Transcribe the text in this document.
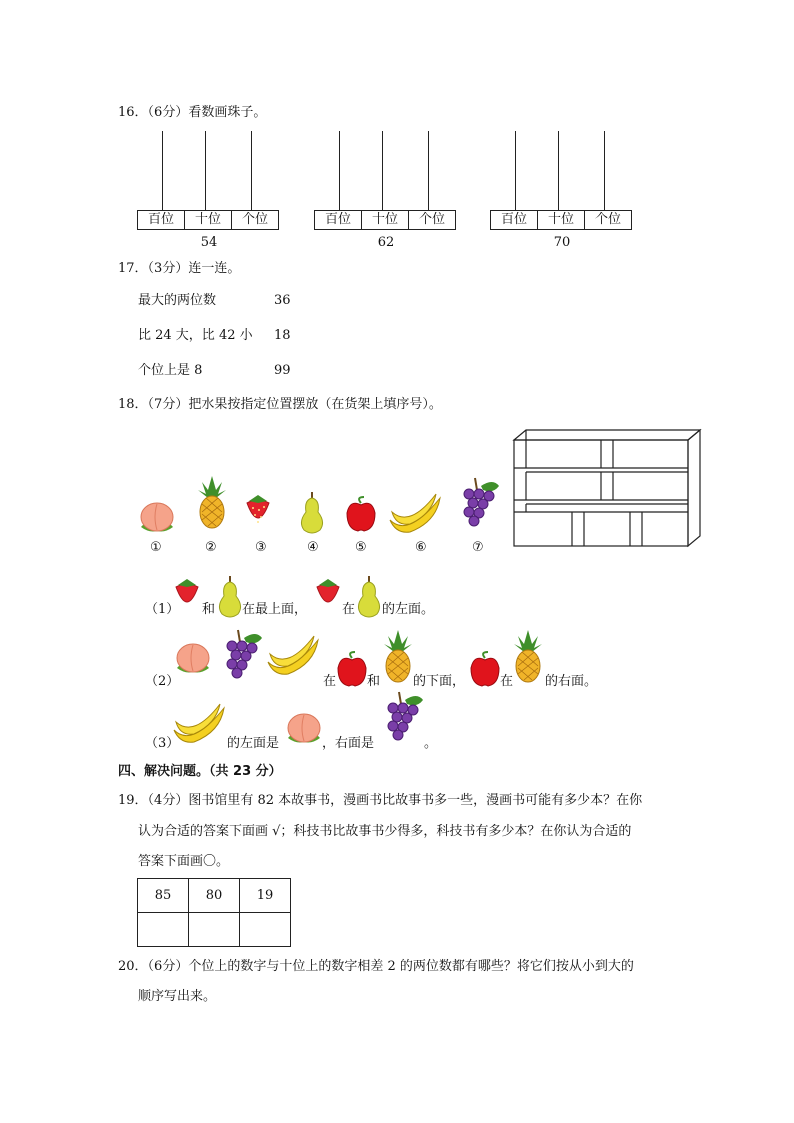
16．（6分）看数画珠子。
百位	十位	个位
54
百位	十位	个位
62
百位	十位	个位
70
17．（3分）连一连。
最大的两位数	36
比 24 大，比 42 小 18
个位上是 8	99
18．（7分）把水果按指定位置摆放（在货架上填序号）。
①	②	③	④	⑤	⑥	⑦
（1） 和 在最上面，	在 的左面。
（2）	在 和	的下面，	在 的右面。
（3）	的左面是	，右面是	。
四、解决问题。（共 23 分）
19．（4分）图书馆里有 82 本故事书，漫画书比故事书多一些，漫画书可能有多少本？在你
认为合适的答案下面画 √；科技书比故事书少得多，科技书有多少本？在你认为合适的
答案下面画〇。
85	80	19

20．（6分）个位上的数字与十位上的数字相差 2 的两位数都有哪些？将它们按从小到大的
顺序写出来。
